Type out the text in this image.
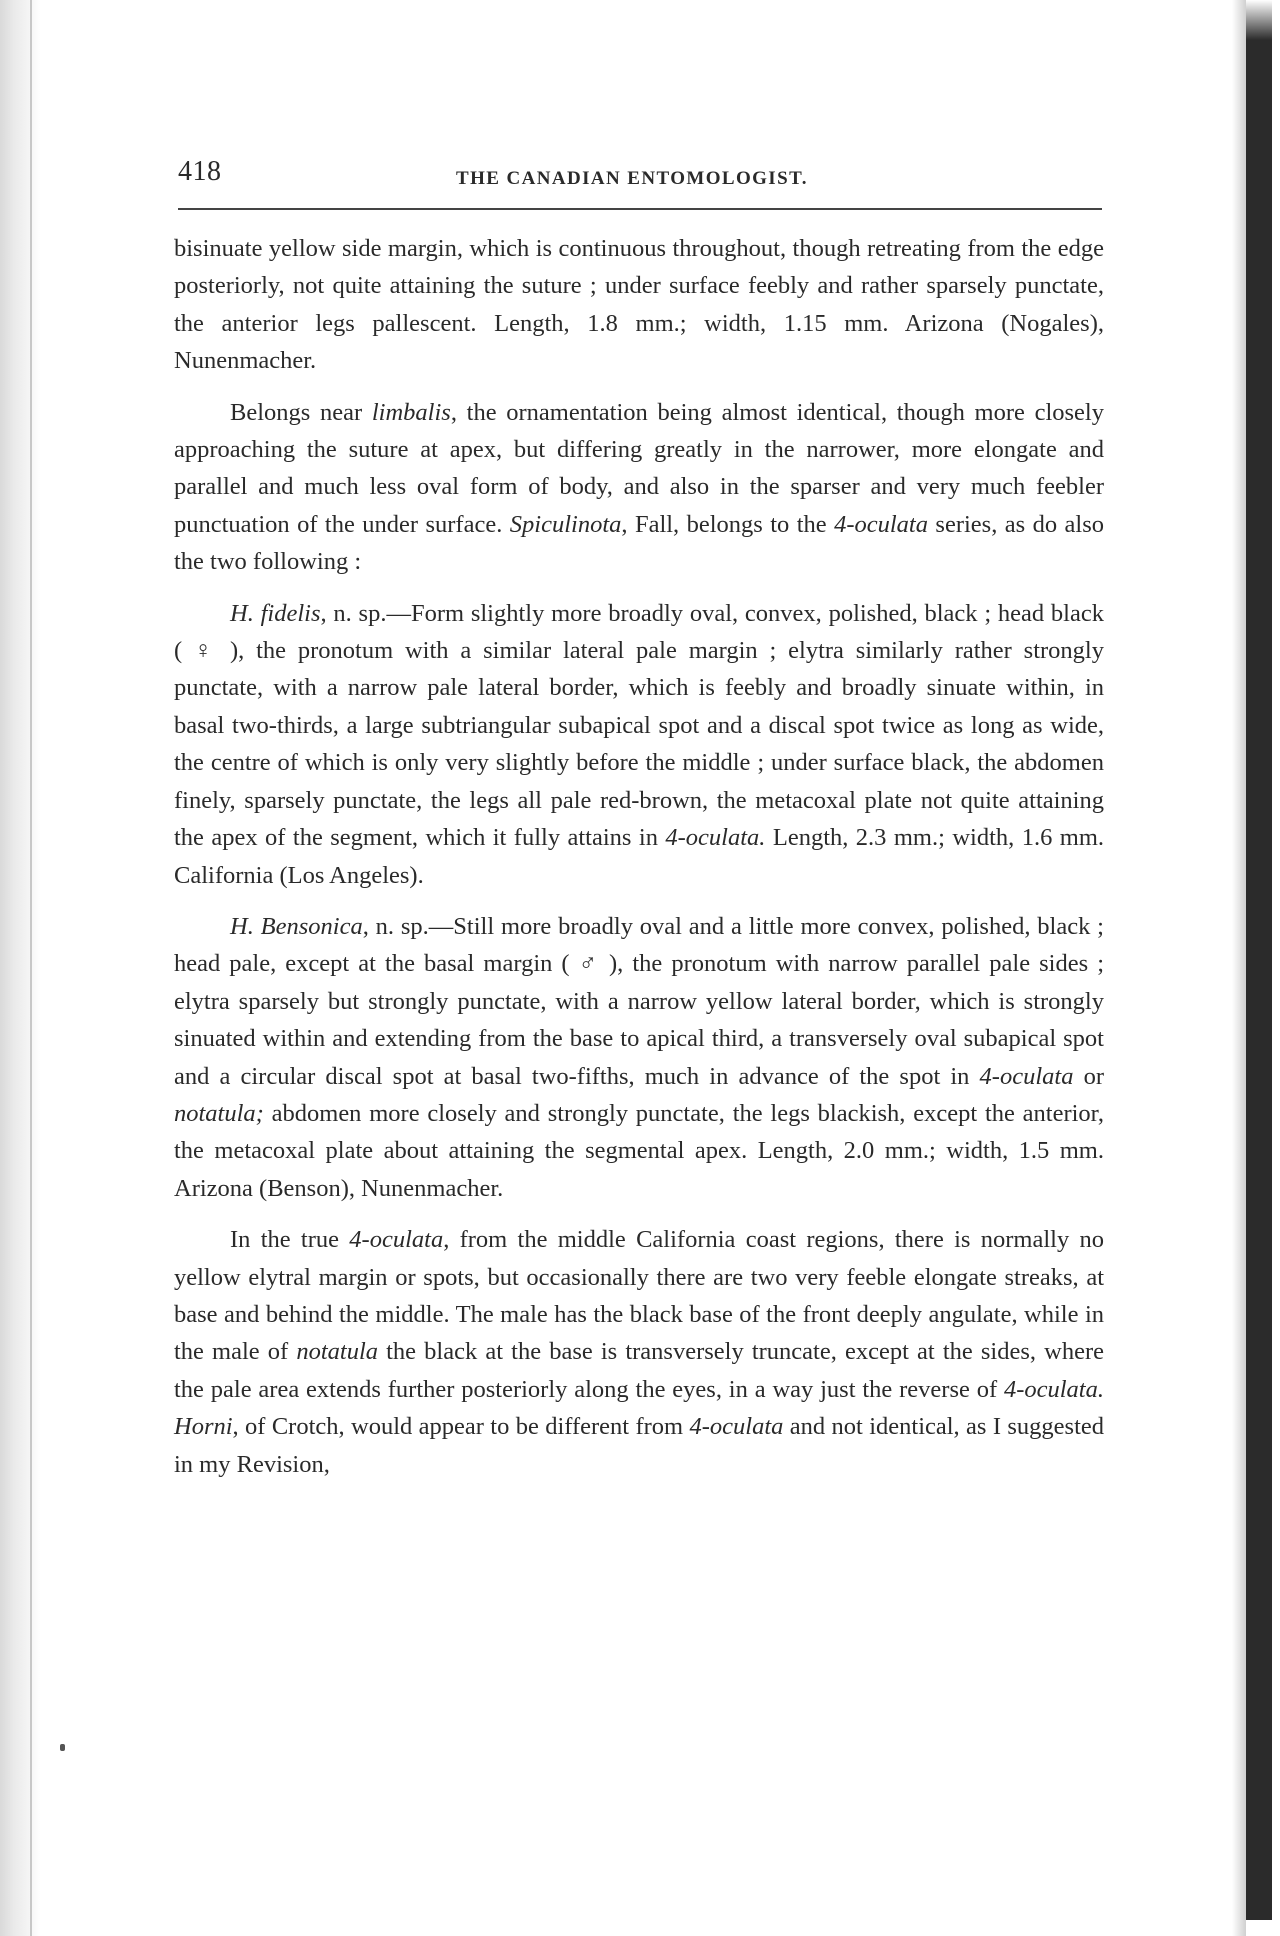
418	THE CANADIAN ENTOMOLOGIST.

bisinuate yellow side margin, which is continuous throughout, though retreating from the edge posteriorly, not quite attaining the suture ; under surface feebly and rather sparsely punctate, the anterior legs pallescent. Length, 1.8 mm.; width, 1.15 mm. Arizona (Nogales), Nunenmacher.

Belongs near limbalis, the ornamentation being almost identical, though more closely approaching the suture at apex, but differing greatly in the narrower, more elongate and parallel and much less oval form of body, and also in the sparser and very much feebler punctuation of the under surface. Spiculinota, Fall, belongs to the 4-oculata series, as do also the two following :

H. fidelis, n. sp.—Form slightly more broadly oval, convex, polished, black ; head black ( ♀ ), the pronotum with a similar lateral pale margin ; elytra similarly rather strongly punctate, with a narrow pale lateral border, which is feebly and broadly sinuate within, in basal two-thirds, a large subtriangular subapical spot and a discal spot twice as long as wide, the centre of which is only very slightly before the middle ; under surface black, the abdomen finely, sparsely punctate, the legs all pale red-brown, the metacoxal plate not quite attaining the apex of the segment, which it fully attains in 4-oculata. Length, 2.3 mm.; width, 1.6 mm. California (Los Angeles).

H. Bensonica, n. sp.—Still more broadly oval and a little more convex, polished, black ; head pale, except at the basal margin ( ♂ ), the pronotum with narrow parallel pale sides ; elytra sparsely but strongly punctate, with a narrow yellow lateral border, which is strongly sinuated within and extending from the base to apical third, a transversely oval subapical spot and a circular discal spot at basal two-fifths, much in advance of the spot in 4-oculata or notatula; abdomen more closely and strongly punctate, the legs blackish, except the anterior, the metacoxal plate about attaining the segmental apex. Length, 2.0 mm.; width, 1.5 mm. Arizona (Benson), Nunenmacher.

In the true 4-oculata, from the middle California coast regions, there is normally no yellow elytral margin or spots, but occasionally there are two very feeble elongate streaks, at base and behind the middle. The male has the black base of the front deeply angulate, while in the male of notatula the black at the base is transversely truncate, except at the sides, where the pale area extends further posteriorly along the eyes, in a way just the reverse of 4-oculata. Horni, of Crotch, would appear to be different from 4-oculata and not identical, as I suggested in my Revision,
